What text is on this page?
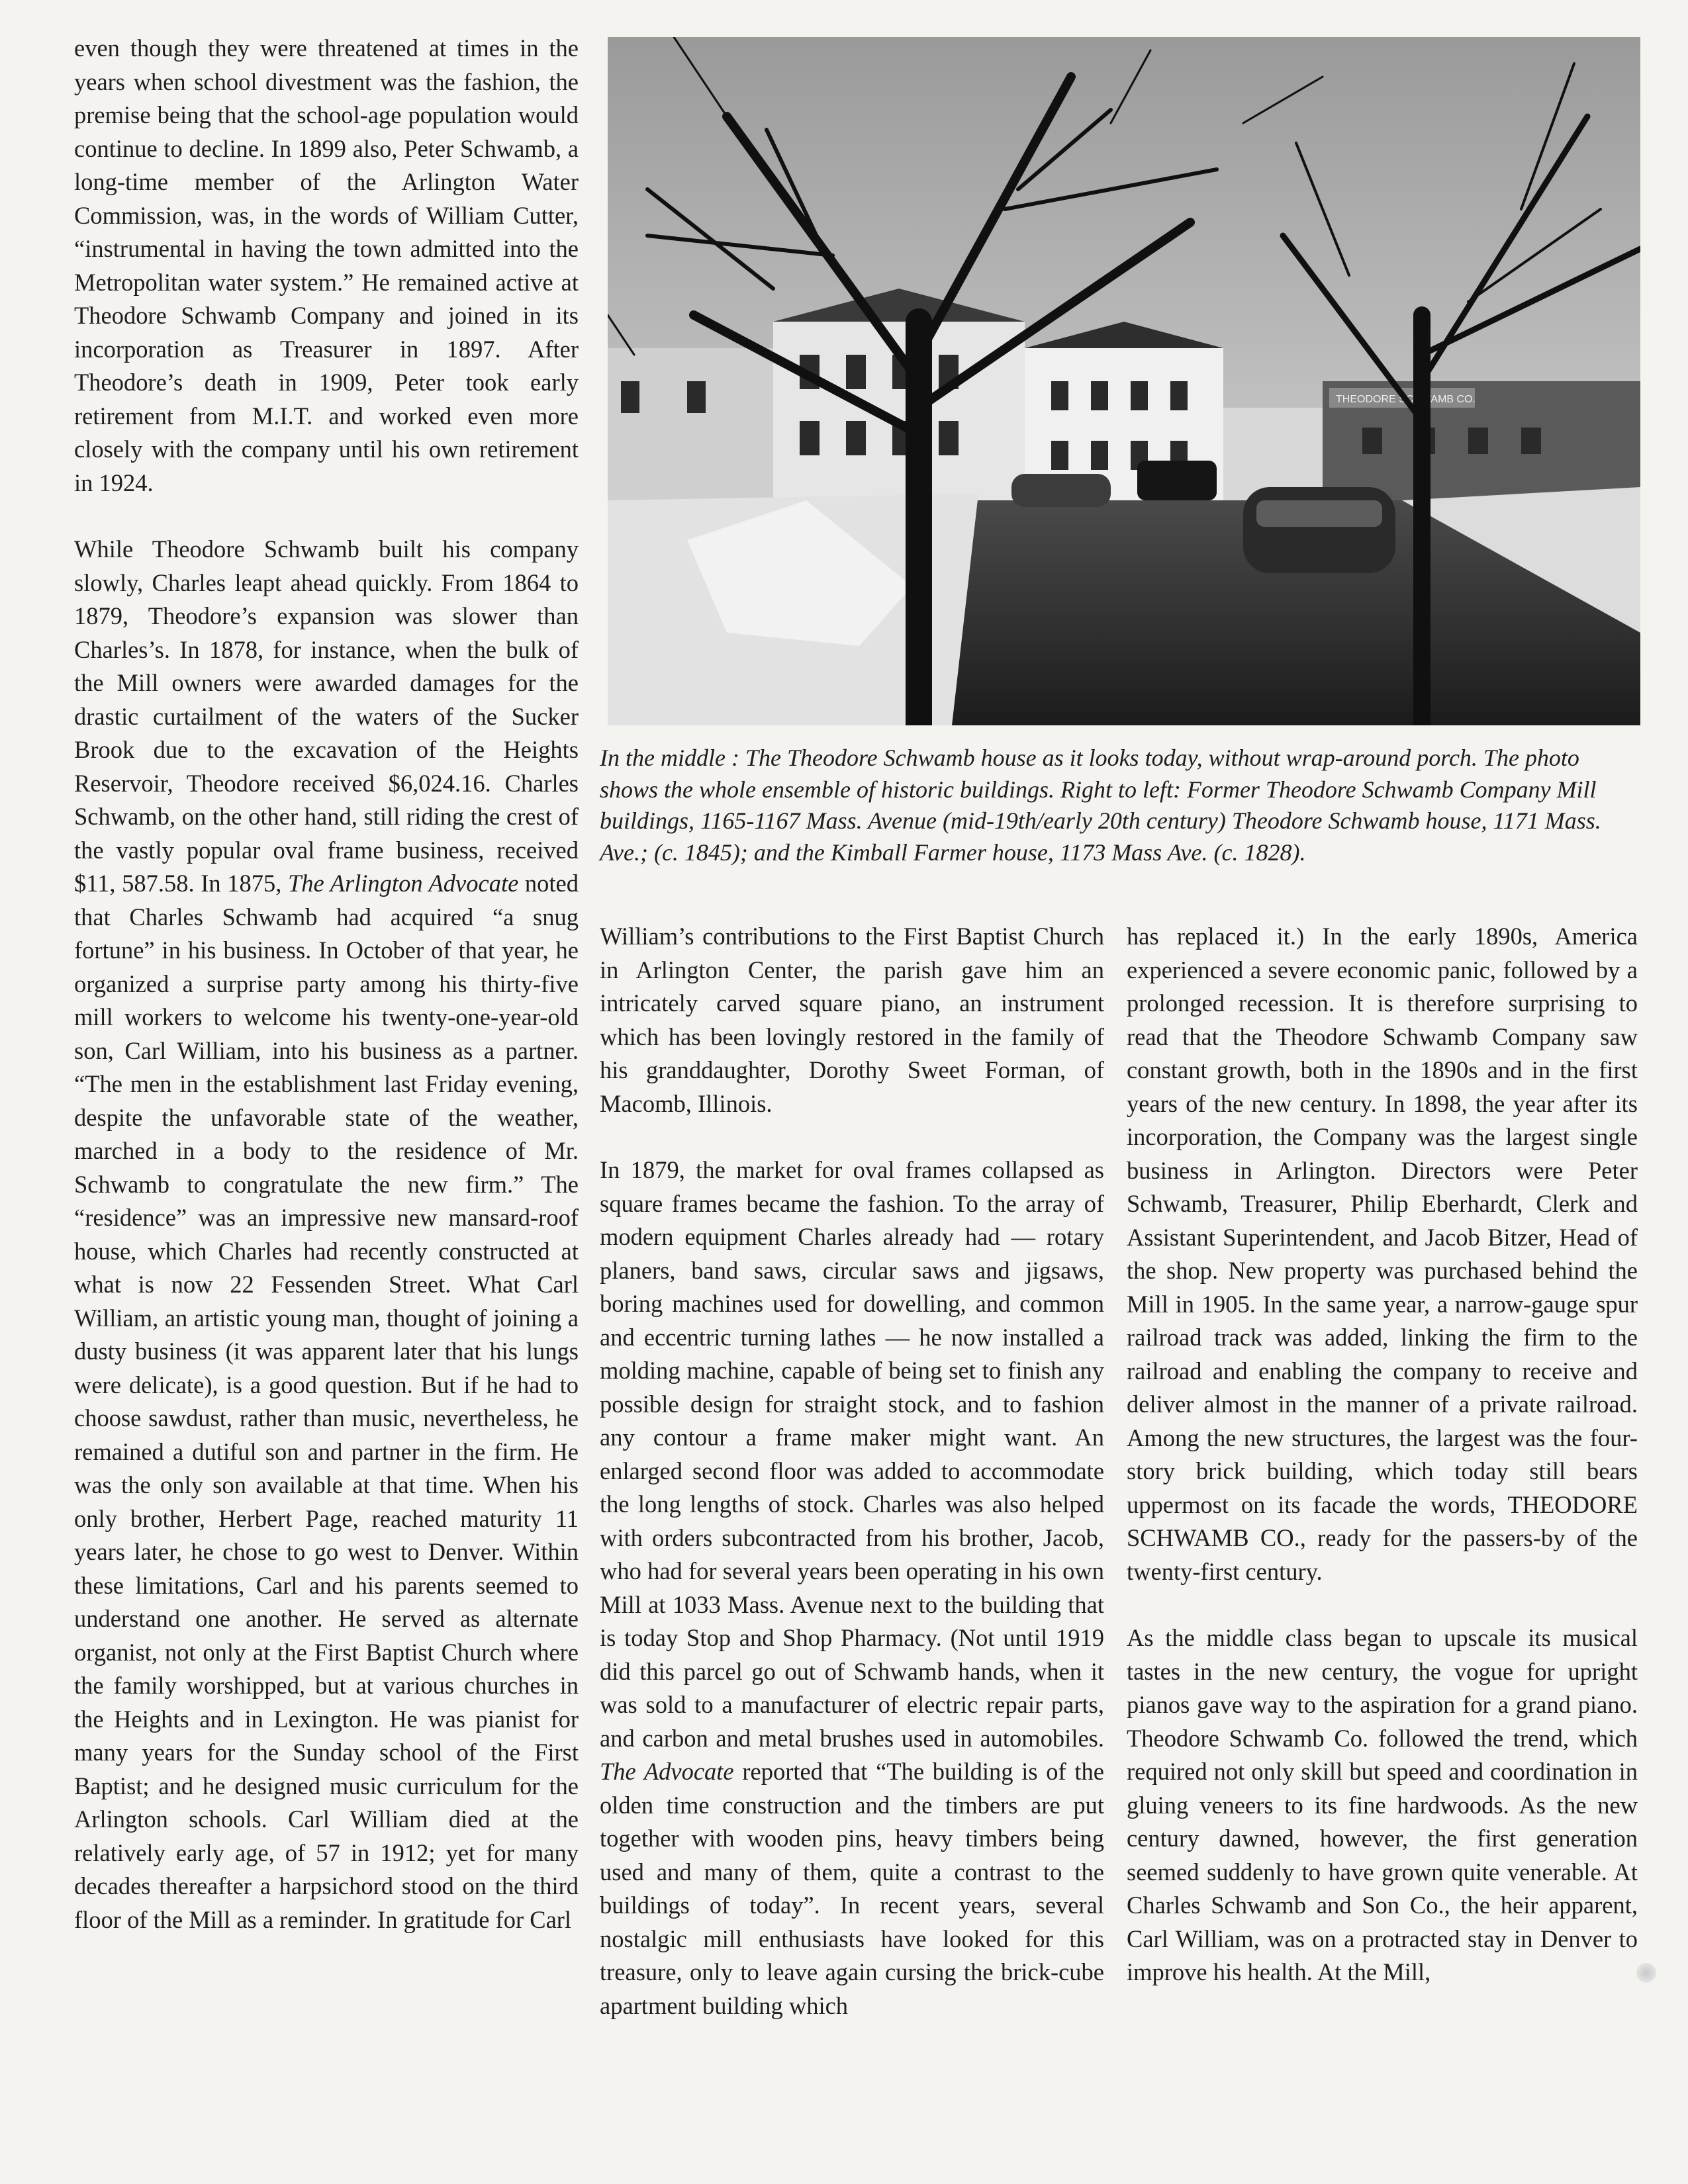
even though they were threatened at times in the years when school divestment was the fashion, the premise being that the school-age population would continue to decline. In 1899 also, Peter Schwamb, a long-time member of the Arlington Water Commission, was, in the words of William Cutter, “instrumental in having the town admitted into the Metropolitan water system.” He remained active at Theodore Schwamb Company and joined in its incorporation as Treasurer in 1897. After Theodore’s death in 1909, Peter took early retirement from M.I.T. and worked even more closely with the company until his own retirement in 1924.

While Theodore Schwamb built his company slowly, Charles leapt ahead quickly. From 1864 to 1879, Theodore’s expansion was slower than Charles’s. In 1878, for instance, when the bulk of the Mill owners were awarded damages for the drastic curtailment of the waters of the Sucker Brook due to the excavation of the Heights Reservoir, Theodore received $6,024.16. Charles Schwamb, on the other hand, still riding the crest of the vastly popular oval frame business, received $11, 587.58. In 1875, The Arlington Advocate noted that Charles Schwamb had acquired “a snug fortune” in his business. In October of that year, he organized a surprise party among his thirty-five mill workers to welcome his twenty-one-year-old son, Carl William, into his business as a partner. “The men in the establishment last Friday evening, despite the unfavorable state of the weather, marched in a body to the residence of Mr. Schwamb to congratulate the new firm.” The “residence” was an impressive new mansard-roof house, which Charles had recently constructed at what is now 22 Fessenden Street. What Carl William, an artistic young man, thought of joining a dusty business (it was apparent later that his lungs were delicate), is a good question. But if he had to choose sawdust, rather than music, nevertheless, he remained a dutiful son and partner in the firm. He was the only son available at that time. When his only brother, Herbert Page, reached maturity 11 years later, he chose to go west to Denver. Within these limitations, Carl and his parents seemed to understand one another. He served as alternate organist, not only at the First Baptist Church where the family worshipped, but at various churches in the Heights and in Lexington. He was pianist for many years for the Sunday school of the First Baptist; and he designed music curriculum for the Arlington schools. Carl William died at the relatively early age, of 57 in 1912; yet for many decades thereafter a harpsichord stood on the third floor of the Mill as a reminder. In gratitude for Carl

THEODORE SCHWAMB CO.

In the middle : The Theodore Schwamb house as it looks today, without wrap-around porch. The photo shows the whole ensemble of historic buildings. Right to left: Former Theodore Schwamb Company Mill buildings, 1165-1167 Mass. Avenue (mid-19th/early 20th century) Theodore Schwamb house, 1171 Mass. Ave.; (c. 1845); and the Kimball Farmer house, 1173 Mass Ave. (c. 1828).

William’s contributions to the First Baptist Church in Arlington Center, the parish gave him an intricately carved square piano, an instrument which has been lovingly restored in the family of his granddaughter, Dorothy Sweet Forman, of Macomb, Illinois.

In 1879, the market for oval frames collapsed as square frames became the fashion. To the array of modern equipment Charles already had — rotary planers, band saws, circular saws and jigsaws, boring machines used for dowelling, and common and eccentric turning lathes — he now installed a molding machine, capable of being set to finish any possible design for straight stock, and to fashion any contour a frame maker might want. An enlarged second floor was added to accommodate the long lengths of stock. Charles was also helped with orders subcontracted from his brother, Jacob, who had for several years been operating in his own Mill at 1033 Mass. Avenue next to the building that is today Stop and Shop Pharmacy. (Not until 1919 did this parcel go out of Schwamb hands, when it was sold to a manufacturer of electric repair parts, and carbon and metal brushes used in automobiles. The Advocate reported that “The building is of the olden time construction and the timbers are put together with wooden pins, heavy timbers being used and many of them, quite a contrast to the buildings of today”. In recent years, several nostalgic mill enthusiasts have looked for this treasure, only to leave again cursing the brick-cube apartment building which

has replaced it.) In the early 1890s, America experienced a severe economic panic, followed by a prolonged recession. It is therefore surprising to read that the Theodore Schwamb Company saw constant growth, both in the 1890s and in the first years of the new century. In 1898, the year after its incorporation, the Company was the largest single business in Arlington. Directors were Peter Schwamb, Treasurer, Philip Eberhardt, Clerk and Assistant Superintendent, and Jacob Bitzer, Head of the shop. New property was purchased behind the Mill in 1905. In the same year, a narrow-gauge spur railroad track was added, linking the firm to the railroad and enabling the company to receive and deliver almost in the manner of a private railroad. Among the new structures, the largest was the four-story brick building, which today still bears uppermost on its facade the words, THEODORE SCHWAMB CO., ready for the passers-by of the twenty-first century.

As the middle class began to upscale its musical tastes in the new century, the vogue for upright pianos gave way to the aspiration for a grand piano. Theodore Schwamb Co. followed the trend, which required not only skill but speed and coordination in gluing veneers to its fine hardwoods. As the new century dawned, however, the first generation seemed suddenly to have grown quite venerable. At Charles Schwamb and Son Co., the heir apparent, Carl William, was on a protracted stay in Denver to improve his health. At the Mill,
